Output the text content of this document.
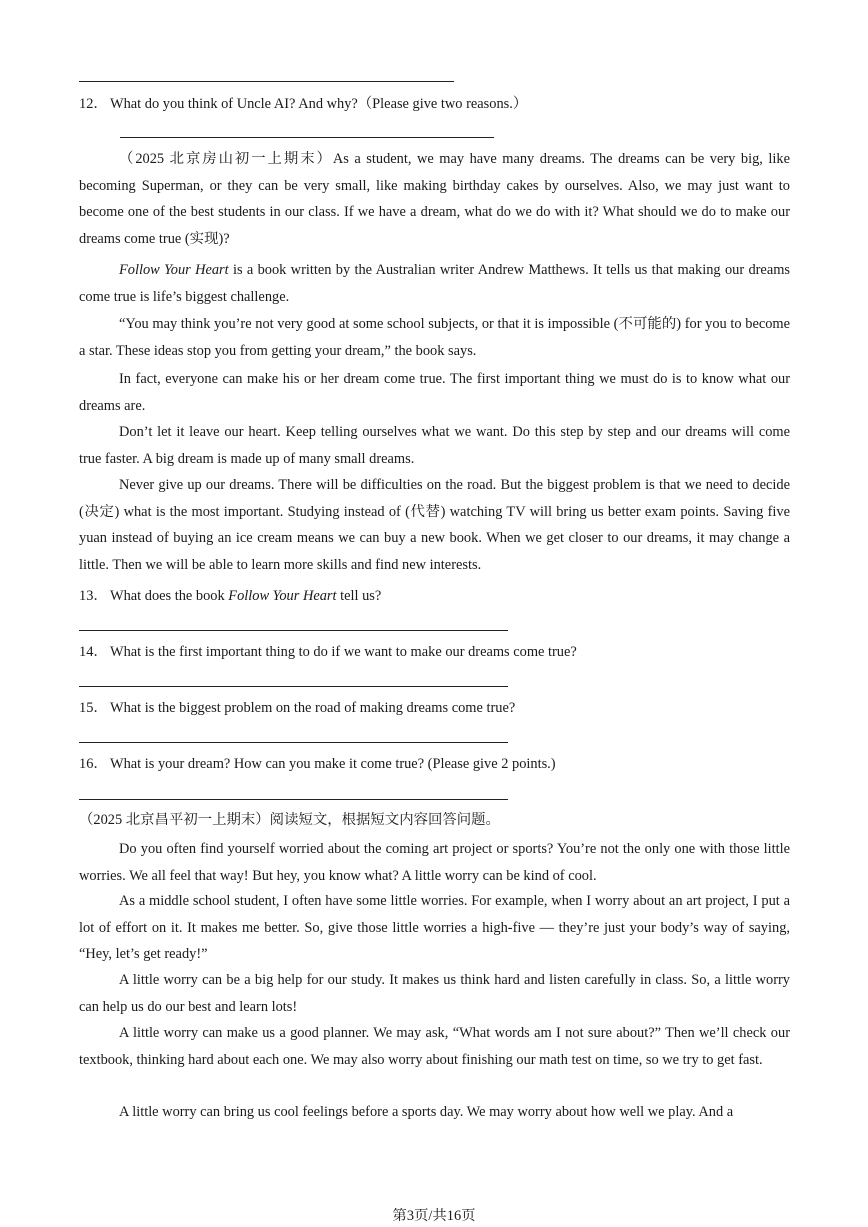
12． What do you think of Uncle AI? And why?（Please give two reasons.）

（2025 北京房山初一上期末）As a student, we may have many dreams. The dreams can be very big, like becoming Superman, or they can be very small, like making birthday cakes by ourselves. Also, we may just want to become one of the best students in our class. If we have a dream, what do we do with it? What should we do to make our dreams come true (实现)?

Follow Your Heart is a book written by the Australian writer Andrew Matthews. It tells us that making our dreams come true is life’s biggest challenge.

“You may think you’re not very good at some school subjects, or that it is impossible (不可能的) for you to become a star. These ideas stop you from getting your dream,” the book says.

In fact, everyone can make his or her dream come true. The first important thing we must do is to know what our dreams are.

Don’t let it leave our heart. Keep telling ourselves what we want. Do this step by step and our dreams will come true faster. A big dream is made up of many small dreams.

Never give up our dreams. There will be difficulties on the road. But the biggest problem is that we need to decide (决定) what is the most important. Studying instead of (代替) watching TV will bring us better exam points. Saving five yuan instead of buying an ice cream means we can buy a new book. When we get closer to our dreams, it may change a little. Then we will be able to learn more skills and find new interests.

13． What does the book Follow Your Heart tell us?
14． What is the first important thing to do if we want to make our dreams come true?
15． What is the biggest problem on the road of making dreams come true?
16． What is your dream? How can you make it come true? (Please give 2 points.)
（2025 北京昌平初一上期末）阅读短文，根据短文内容回答问题。

Do you often find yourself worried about the coming art project or sports? You’re not the only one with those little worries. We all feel that way! But hey, you know what? A little worry can be kind of cool.

As a middle school student, I often have some little worries. For example, when I worry about an art project, I put a lot of effort on it. It makes me better. So, give those little worries a high-five — they’re just your body’s way of saying, “Hey, let’s get ready!”

A little worry can be a big help for our study. It makes us think hard and listen carefully in class. So, a little worry can help us do our best and learn lots!

A little worry can make us a good planner. We may ask, “What words am I not sure about?” Then we’ll check our textbook, thinking hard about each one. We may also worry about finishing our math test on time, so we try to get fast.

A little worry can bring us cool feelings before a sports day. We may worry about how well we play. And a

第3页/共16页
